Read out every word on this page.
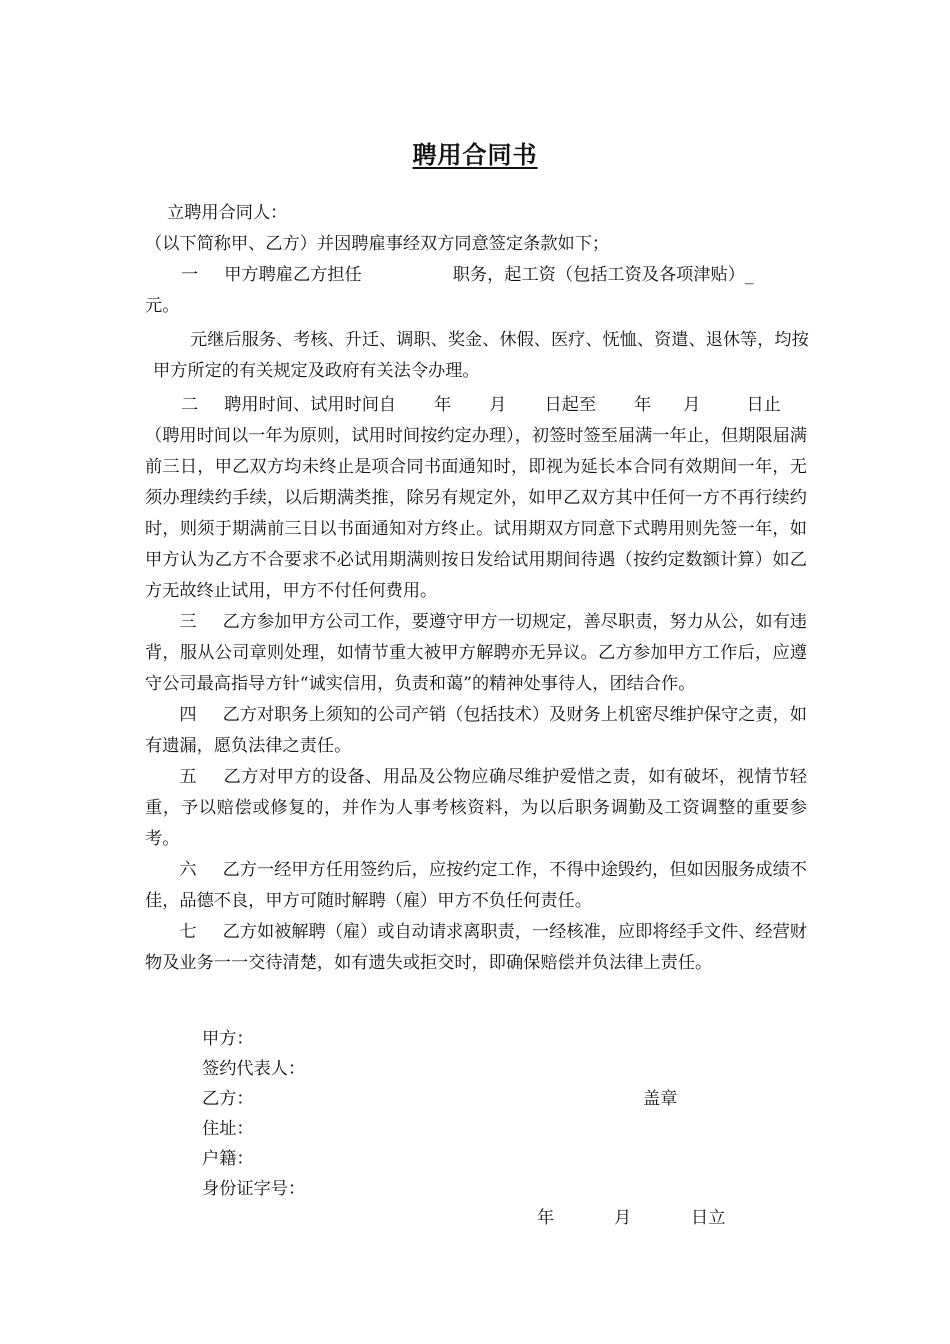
聘用合同书

立聘用合同人：

（以下简称甲、乙方）并因聘雇事经双方同意签定条款如下；

一 甲方聘雇乙方担任	职务，起工资（包括工资及各项津贴）_

元。

元继后服务、考核、升迁、调职、奖金、休假、医疗、怃恤、资遣、退休等，均按

甲方所定的有关规定及政府有关法令办理。

二 聘用时间、试用时间自 年 月 日起至 年 月	日止

（聘用时间以一年为原则，试用时间按约定办理），初签时签至届满一年止，但期限届满前三日，甲乙双方均未终止是项合同书面通知时，即视为延长本合同有效期间一年，无须办理续约手续，以后期满类推，除另有规定外，如甲乙双方其中任何一方不再行续约时，则须于期满前三日以书面通知对方终止。试用期双方同意下式聘用则先签一年，如甲方认为乙方不合要求不必试用期满则按日发给试用期间待遇（按约定数额计算）如乙方无故终止试用，甲方不付任何费用。

三 乙方参加甲方公司工作，要遵守甲方一切规定，善尽职责，努力从公，如有违背，服从公司章则处理，如情节重大被甲方解聘亦无异议。乙方参加甲方工作后，应遵守公司最高指导方针“诚实信用，负责和蔼”的精神处事待人，团结合作。

四 乙方对职务上须知的公司产销（包括技术）及财务上机密尽维护保守之责，如有遗漏，愿负法律之责任。

五 乙方对甲方的设备、用品及公物应确尽维护爱惜之责，如有破坏，视情节轻重，予以赔偿或修复的，并作为人事考核资料，为以后职务调勤及工资调整的重要参考。

六 乙方一经甲方任用签约后，应按约定工作，不得中途毁约，但如因服务成绩不佳，品德不良，甲方可随时解聘（雇）甲方不负任何责任。

七 乙方如被解聘（雇）或自动请求离职责，一经核准，应即将经手文件、经营财物及业务一一交待清楚，如有遗失或拒交时，即确保赔偿并负法律上责任。

甲方：
签约代表人：
乙方：	盖章
住址：
户籍：
身份证字号：
年	月	日立
